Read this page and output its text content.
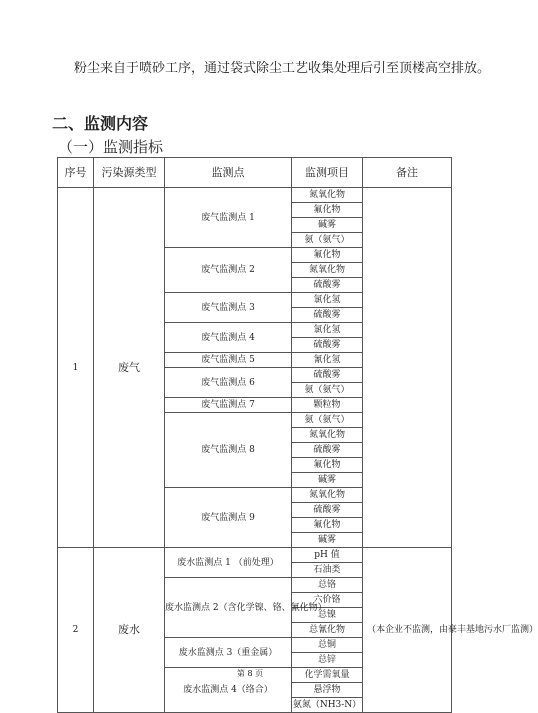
粉尘来自于喷砂工序，通过袋式除尘工艺收集处理后引至顶楼高空排放。
二、监测内容
（一）监测指标
序号	污染源类型	监测点	监测项目	备注
1	废气	废气监测点 1	氮氧化物	
			氟化物	
			碱雾	
			氨（氨气）	
		废气监测点 2	氟化物	
			氮氧化物	
			硫酸雾	
		废气监测点 3	氯化氢	
			硫酸雾	
		废气监测点 4	氯化氢	
			硫酸雾	
		废气监测点 5	氰化氢	
		废气监测点 6	硫酸雾	
			氨（氨气）	
		废气监测点 7	颗粒物	
		废气监测点 8	氨（氨气）	
			氮氧化物	
			硫酸雾	
			氟化物	
			碱雾	
		废气监测点 9	氮氧化物	
			硫酸雾	
			氟化物	
			碱雾	
2	废水	废水监测点 1 （前处理）	pH 值	（本企业不监测，由豪丰基地污水厂监测）
			石油类	
		废水监测点 2（含化学镍、铬、氰化物）	总铬	
			六价铬	
			总镍	
			总氰化物	
		废水监测点 3（重金属）	总铜	
			总锌	
		废水监测点 4（络合）	化学需氧量	
			悬浮物	
			氨氮（NH3-N）	
第 8 页
